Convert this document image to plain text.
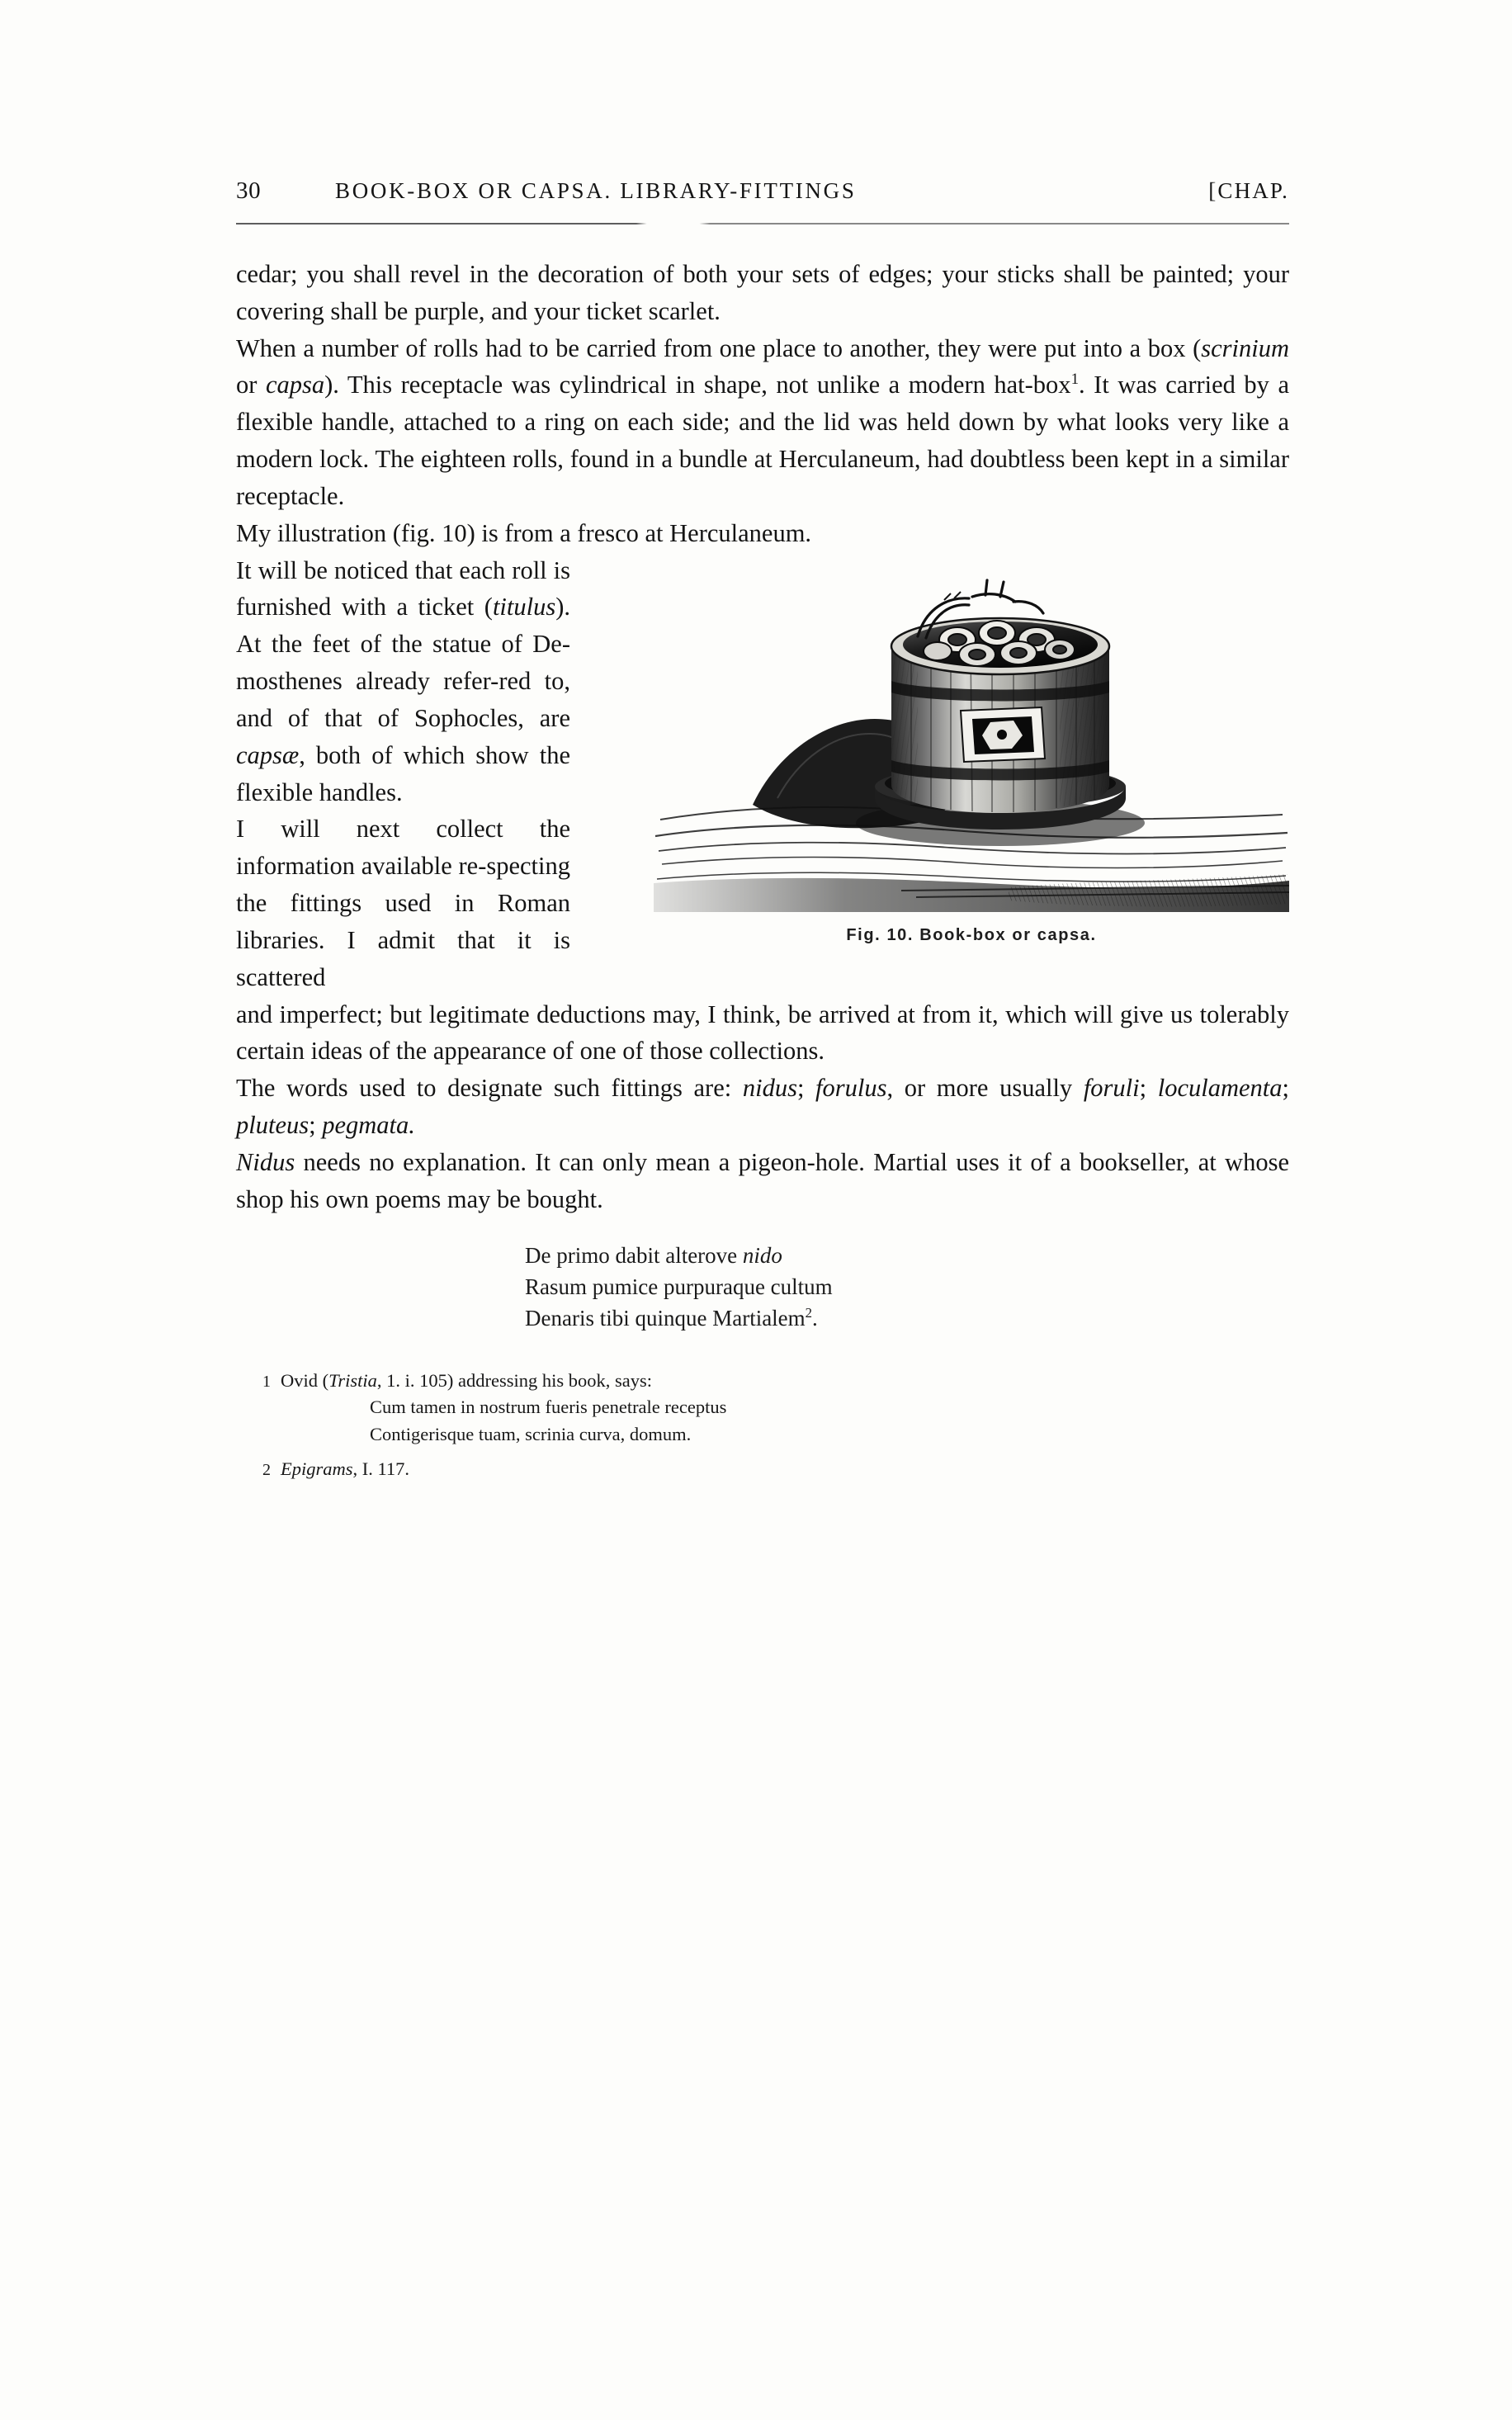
30	BOOK-BOX OR CAPSA. LIBRARY-FITTINGS	[CHAP.

cedar; you shall revel in the decoration of both your sets of edges; your sticks shall be painted; your covering shall be purple, and your ticket scarlet.

When a number of rolls had to be carried from one place to another, they were put into a box (scrinium or capsa). This receptacle was cylindrical in shape, not unlike a modern hat-box$^1$. It was carried by a flexible handle, attached to a ring on each side; and the lid was held down by what looks very like a modern lock. The eighteen rolls, found in a bundle at Herculaneum, had doubtless been kept in a similar receptacle.

My illustration (fig. 10) is from a fresco at Herculaneum.

Fig. 10. Book-box or capsa.

It will be noticed that each roll is furnished with a ticket (titulus). At the feet of the statue of De-mosthenes already refer-red to, and of that of Sophocles, are capsæ, both of which show the flexible handles.

I will next collect the information available re-specting the fittings used in Roman libraries. I admit that it is scattered

and imperfect; but legitimate deductions may, I think, be arrived at from it, which will give us tolerably certain ideas of the appearance of one of those collections.

The words used to designate such fittings are: nidus; forulus, or more usually foruli; loculamenta; pluteus; pegmata.

Nidus needs no explanation. It can only mean a pigeon-hole. Martial uses it of a bookseller, at whose shop his own poems may be bought.

De primo dabit alterove nido
Rasum pumice purpuraque cultum
Denaris tibi quinque Martialem$^2$.
1 Ovid (Tristia, 1. i. 105) addressing his book, says:
Cum tamen in nostrum fueris penetrale receptus
Contigerisque tuam, scrinia curva, domum.
2 Epigrams, I. 117.
